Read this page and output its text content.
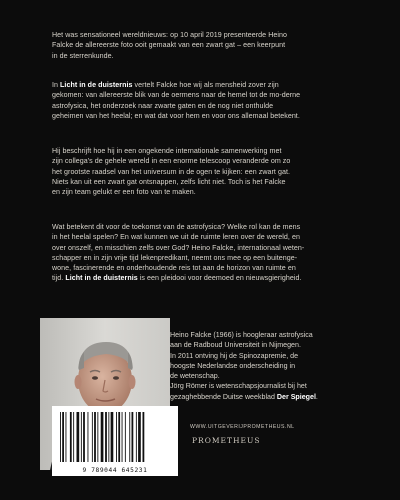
Het was sensationeel wereldnieuws: op 10 april 2019 presenteerde Heino
Falcke de allereerste foto ooit gemaakt van een zwart gat – een keerpunt
in de sterrenkunde.

In Licht in de duisternis vertelt Falcke hoe wij als mensheid zover zijn
gekomen: van allereerste blik van de oermens naar de hemel tot de mo-derne
astrofysica, het onderzoek naar zwarte gaten en de nog niet onthulde
geheimen van het heelal; en wat dat voor hem en voor ons allemaal betekent.

Hij beschrijft hoe hij in een ongekende internationale samenwerking met
zijn collega's de gehele wereld in een enorme telescoop veranderde om zo
het grootste raadsel van het universum in de ogen te kijken: een zwart gat.
Niets kan uit een zwart gat ontsnappen, zelfs licht niet. Toch is het Falcke
en zijn team gelukt er een foto van te maken.

Wat betekent dit voor de toekomst van de astrofysica? Welke rol kan de mens
in het heelal spelen? En wat kunnen we uit de ruimte leren over de wereld, en
over onszelf, en misschien zelfs over God? Heino Falcke, internationaal weten-
schapper en in zijn vrije tijd lekenpredikant, neemt ons mee op een buitenge-
wone, fascinerende en onderhoudende reis tot aan de horizon van ruimte en
tijd. Licht in de duisternis is een pleidooi voor deemoed en nieuwsgierigheid.

Heino Falcke (1966) is hoogleraar astrofysica
aan de Radboud Universiteit in Nijmegen.
In 2011 ontving hij de Spinozapremie, de
hoogste Nederlandse onderscheiding in
de wetenschap.
Jörg Römer is wetenschapsjournalist bij het
gezaghebbende Duitse weekblad Der Spiegel.

9 789044 645231
WWW.UITGEVERIJPROMETHEUS.NL
PROMETHEUS
